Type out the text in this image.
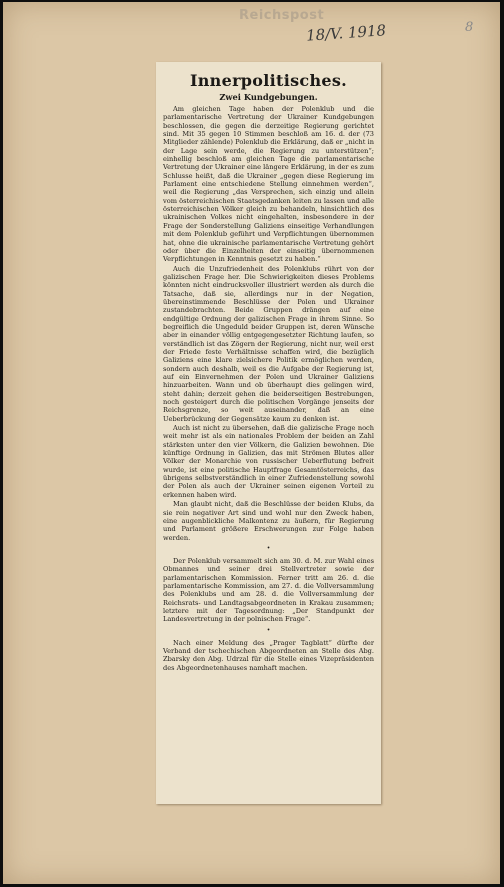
Reichspost
18/V. 1918	8
Innerpolitisches.
Zwei Kundgebungen.

Am gleichen Tage haben der Polenklub und die parlamentarische Vertretung der Ukrainer Kundgebungen beschlossen, die gegen die derzeitige Regierung gerichtet sind. Mit 35 gegen 10 Stimmen beschloß am 16. d. der (73 Mitglieder zählende) Polenklub die Erklärung, daß er „nicht in der Lage sein werde, die Regierung zu unterstützen“; einhellig beschloß am gleichen Tage die parlamentarische Vertretung der Ukrainer eine längere Erklärung, in der es zum Schlusse heißt, daß die Ukrainer „gegen diese Regierung im Parlament eine entschiedene Stellung einnehmen werden“, weil die Regierung „das Versprechen, sich einzig und allein vom österreichischen Staatsgedanken leiten zu lassen und alle österreichischen Völker gleich zu behandeln, hinsichtlich des ukrainischen Volkes nicht eingehalten, insbesondere in der Frage der Sonderstellung Galiziens einseitige Verhandlungen mit dem Polenklub geführt und Verpflichtungen übernommen hat, ohne die ukrainische parlamentarische Vertretung gehört oder über die Einzelheiten der einseitig übernommenen Verpflichtungen in Kenntnis gesetzt zu haben.“

Auch die Unzufriedenheit des Polenklubs rührt von der galizischen Frage her. Die Schwierigkeiten dieses Problems könnten nicht eindrucksvoller illustriert werden als durch die Tatsache, daß sie, allerdings nur in der Negation, übereinstimmende Beschlüsse der Polen und Ukrainer zustandebrachten. Beide Gruppen drängen auf eine endgültige Ordnung der galizischen Frage in ihrem Sinne. So begreiflich die Ungeduld beider Gruppen ist, deren Wünsche aber in einander völlig entgegengesetzter Richtung laufen, so verständlich ist das Zögern der Regierung, nicht nur, weil erst der Friede feste Verhältnisse schaffen wird, die bezüglich Galiziens eine klare zielsichere Politik ermöglichen werden, sondern auch deshalb, weil es die Aufgabe der Regierung ist, auf ein Einvernehmen der Polen und Ukrainer Galiziens hinzuarbeiten. Wann und ob überhaupt dies gelingen wird, steht dahin; derzeit gehen die beiderseitigen Bestrebungen, noch gesteigert durch die politischen Vorgänge jenseits der Reichsgrenze, so weit auseinander, daß an eine Ueberbrückung der Gegensätze kaum zu denken ist.

Auch ist nicht zu übersehen, daß die galizische Frage noch weit mehr ist als ein nationales Problem der beiden an Zahl stärksten unter den vier Völkern, die Galizien bewohnen. Die künftige Ordnung in Galizien, das mit Strömen Blutes aller Völker der Monarchie von russischer Ueberflutung befreit wurde, ist eine politische Hauptfrage Gesamtösterreichs, das übrigens selbstverständlich in einer Zufriedenstellung sowohl der Polen als auch der Ukrainer seinen eigenen Vorteil zu erkennen haben wird.

Man glaubt nicht, daß die Beschlüsse der beiden Klubs, da sie rein negativer Art sind und wohl nur den Zweck haben, eine augenblickliche Malkontenz zu äußern, für Regierung und Parlament größere Erschwerungen zur Folge haben werden.

•

Der Polenklub versammelt sich am 30. d. M. zur Wahl eines Obmannes und seiner drei Stellvertreter sowie der parlamentarischen Kommission. Ferner tritt am 26. d. die parlamentarische Kommission, am 27. d. die Vollversammlung des Polenklubs und am 28. d. die Vollversammlung der Reichsrats- und Landtagsabgeordneten in Krakau zusammen; letztere mit der Tagesordnung: „Der Standpunkt der Landesvertretung in der polnischen Frage“.

•

Nach einer Meldung des „Prager Tagblatt“ dürfte der Verband der tschechischen Abgeordneten an Stelle des Abg. Zbarsky den Abg. Udrzal für die Stelle eines Vizepräsidenten des Abgeordnetenhauses namhaft machen.
